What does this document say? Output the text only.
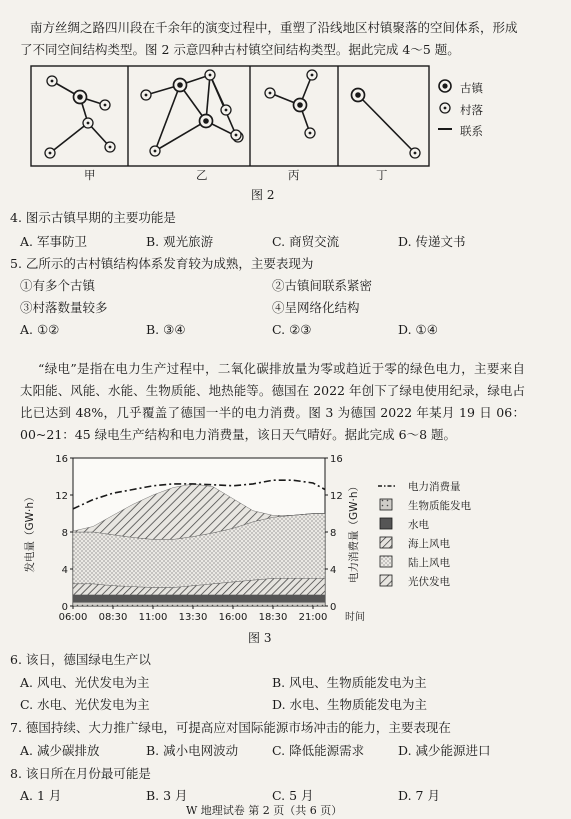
南方丝绸之路四川段在千余年的演变过程中，重塑了沿线地区村镇聚落的空间体系，形成
了不同空间结构类型。图 2 示意四种古村镇空间结构类型。据此完成 4～5 题。
古镇
村落
联系
甲	乙	丙	丁
图 2
4. 图示古镇早期的主要功能是
A. 军事防卫	B. 观光旅游	C. 商贸交流	D. 传递文书
5. 乙所示的古村镇结构体系发育较为成熟，主要表现为
①有多个古镇	②古镇间联系紧密
③村落数量较多	④呈网络化结构
A. ①②	B. ③④	C. ②③	D. ①④
“绿电”是指在电力生产过程中，二氧化碳排放量为零或趋近于零的绿色电力，主要来自太阳能、风能、水能、生物质能、地热能等。德国在 2022 年创下了绿电使用纪录，绿电占比已达到 48%，几乎覆盖了德国一半的电力消费。图 3 为德国 2022 年某月 19 日 06：00~21：45 绿电生产结构和电力消费量，该日天气晴好。据此完成 6～8 题。
0	0
4	4
8	8
12	12
16	16
06:00 08:30 11:00 13:30 16:00 18:30 21:00 时间
发电量（GW·h）	电力消费量（GW·h）	电力消费量
生物质能发电
水电
海上风电
陆上风电
光伏发电
图 3
6. 该日，德国绿电生产以
A. 风电、光伏发电为主	B. 风电、生物质能发电为主
C. 水电、光伏发电为主	D. 水电、生物质能发电为主
7. 德国持续、大力推广绿电，可提高应对国际能源市场冲击的能力，主要表现在
A. 减少碳排放	B. 减小电网波动	C. 降低能源需求	D. 减少能源进口
8. 该日所在月份最可能是
A. 1 月	B. 3 月	C. 5 月	D. 7 月
W 地理试卷 第 2 页（共 6 页）
